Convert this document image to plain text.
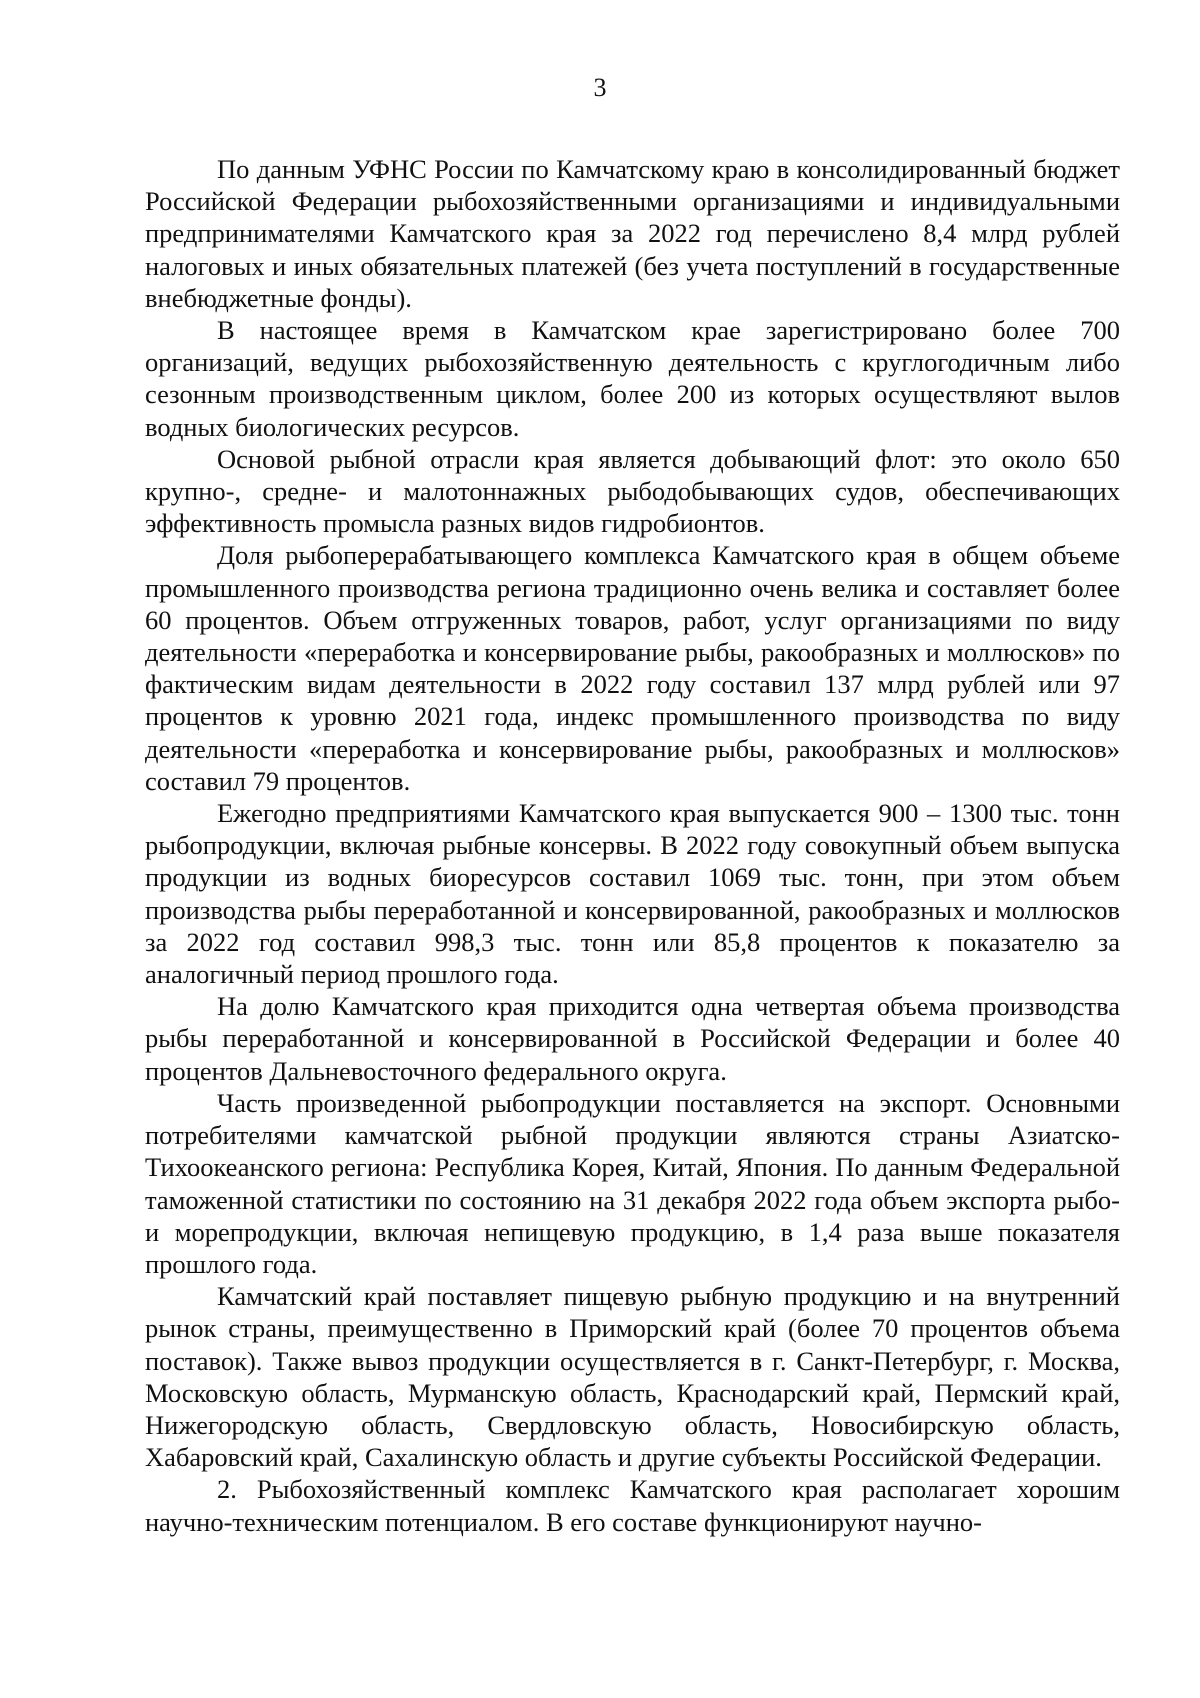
3

По данным УФНС России по Камчатскому краю в консолидированный бюджет Российской Федерации рыбохозяйственными организациями и индивидуальными предпринимателями Камчатского края за 2022 год перечислено 8,4 млрд рублей налоговых и иных обязательных платежей (без учета поступлений в государственные внебюджетные фонды).

В настоящее время в Камчатском крае зарегистрировано более 700 организаций, ведущих рыбохозяйственную деятельность с круглогодичным либо сезонным производственным циклом, более 200 из которых осуществляют вылов водных биологических ресурсов.

Основой рыбной отрасли края является добывающий флот: это около 650 крупно-, средне- и малотоннажных рыбодобывающих судов, обеспечивающих эффективность промысла разных видов гидробионтов.

Доля рыбоперерабатывающего комплекса Камчатского края в общем объеме промышленного производства региона традиционно очень велика и составляет более 60 процентов. Объем отгруженных товаров, работ, услуг организациями по виду деятельности «переработка и консервирование рыбы, ракообразных и моллюсков» по фактическим видам деятельности в 2022 году составил 137 млрд рублей или 97 процентов к уровню 2021 года, индекс промышленного производства по виду деятельности «переработка и консервирование рыбы, ракообразных и моллюсков» составил 79 процентов.

Ежегодно предприятиями Камчатского края выпускается 900 – 1300 тыс. тонн рыбопродукции, включая рыбные консервы. В 2022 году совокупный объем выпуска продукции из водных биоресурсов составил 1069 тыс. тонн, при этом объем производства рыбы переработанной и консервированной, ракообразных и моллюсков за 2022 год составил 998,3 тыс. тонн или 85,8 процентов к показателю за аналогичный период прошлого года.

На долю Камчатского края приходится одна четвертая объема производства рыбы переработанной и консервированной в Российской Федерации и более 40 процентов Дальневосточного федерального округа.

Часть произведенной рыбопродукции поставляется на экспорт. Основными потребителями камчатской рыбной продукции являются страны Азиатско-Тихоокеанского региона: Республика Корея, Китай, Япония. По данным Федеральной таможенной статистики по состоянию на 31 декабря 2022 года объем экспорта рыбо- и морепродукции, включая непищевую продукцию, в 1,4 раза выше показателя прошлого года.

Камчатский край поставляет пищевую рыбную продукцию и на внутренний рынок страны, преимущественно в Приморский край (более 70 процентов объема поставок). Также вывоз продукции осуществляется в г. Санкт-Петербург, г. Москва, Московскую область, Мурманскую область, Краснодарский край, Пермский край, Нижегородскую область, Свердловскую область, Новосибирскую область, Хабаровский край, Сахалинскую область и другие субъекты Российской Федерации.

2. Рыбохозяйственный комплекс Камчатского края располагает хорошим научно-техническим потенциалом. В его составе функционируют научно-
